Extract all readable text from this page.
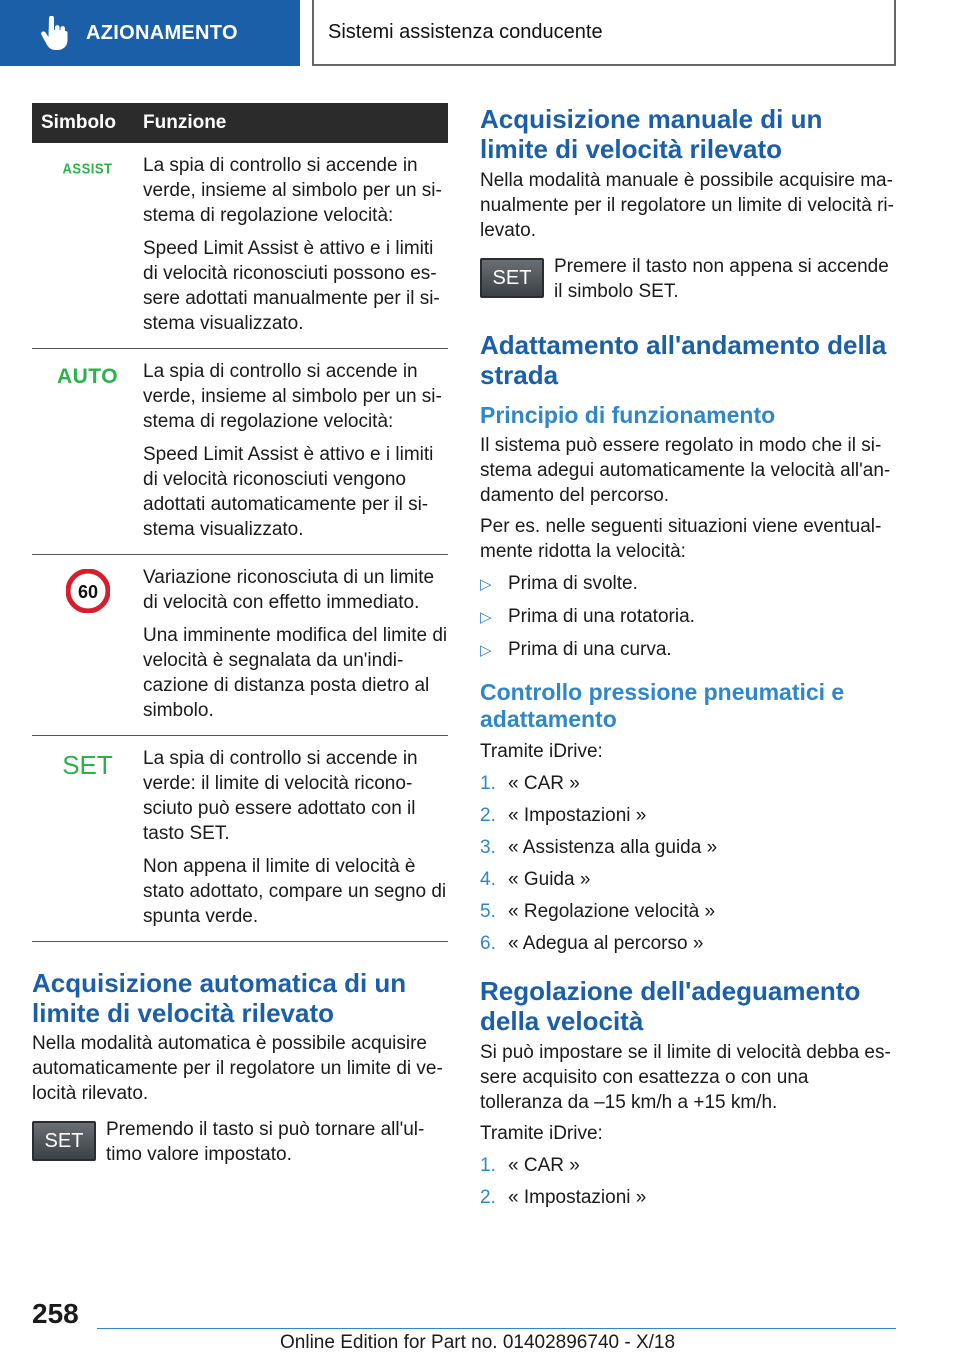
AZIONAMENTO	Sistemi assistenza conducente
Simbolo	Funzione
ASSIST	La spia di controllo si accende in verde, insieme al simbolo per un si-stema di regolazione velocità:

Speed Limit Assist è attivo e i limiti di velocità riconosciuti possono es-sere adottati manualmente per il si-stema visualizzato.

AUTO	La spia di controllo si accende in verde, insieme al simbolo per un si-stema di regolazione velocità:

Speed Limit Assist è attivo e i limiti di velocità riconosciuti vengono adottati automaticamente per il si-stema visualizzato.

60	Variazione riconosciuta di un limite di velocità con effetto immediato.

Una imminente modifica del limite di velocità è segnalata da un'indi-cazione di distanza posta dietro al simbolo.

SET	La spia di controllo si accende in verde: il limite di velocità ricono-sciuto può essere adottato con il tasto SET.

Non appena il limite di velocità è stato adottato, compare un segno di spunta verde.

Acquisizione automatica di un limite di velocità rilevato
Nella modalità automatica è possibile acquisire automaticamente per il regolatore un limite di ve-locità rilevato.
SET
Premendo il tasto si può tornare all'ul-timo valore impostato.
Acquisizione manuale di un limite di velocità rilevato
Nella modalità manuale è possibile acquisire ma-nualmente per il regolatore un limite di velocità ri-levato.
SET
Premere il tasto non appena si accende il simbolo SET.
Adattamento all'andamento della strada
Principio di funzionamento
Il sistema può essere regolato in modo che il si-stema adegui automaticamente la velocità all'an-damento del percorso.
Per es. nelle seguenti situazioni viene eventual-mente ridotta la velocità:
▷ Prima di svolte.
▷ Prima di una rotatoria.
▷ Prima di una curva.
Controllo pressione pneumatici e adattamento
Tramite iDrive:
1. « CAR »
2. « Impostazioni »
3. « Assistenza alla guida »
4. « Guida »
5. « Regolazione velocità »
6. « Adegua al percorso »
Regolazione dell'adeguamento della velocità
Si può impostare se il limite di velocità debba es-sere acquisito con esattezza o con una tolleranza da –15 km/h a +15 km/h.
Tramite iDrive:
1. « CAR »
2. « Impostazioni »
258
Online Edition for Part no. 01402896740 - X/18
